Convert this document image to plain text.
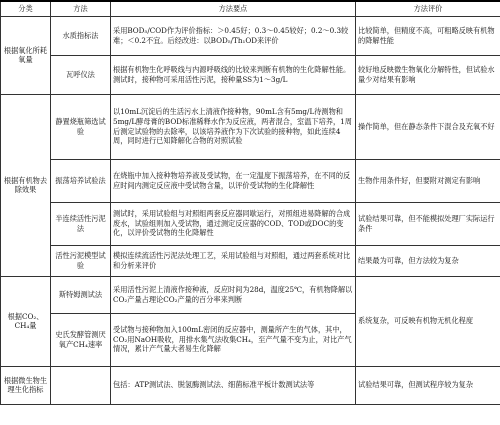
分类	方法	方法要点	方法评价
根据氧化所耗氧量	水质指标法	采用BOD₅/COD作为评价指标：＞0.45好；0.3～0.45较好；0.2～0.3较难；＜0.2不宜。后经改进：以BOD₅/Th₁OD来评价	比较简单，但精度不高，可粗略反映有机物的降解性能
	瓦呼仪法	根据有机物生化呼吸线与内源呼吸线的比较来判断有机物的生化降解性能。测试时，接种物可采用活性污泥，接种量SS为1～3g/L	较好地反映微生物氧化分解特性，但试验水量少对结果有影响
根据有机物去除效果	静置烧瓶筛选试验	以10mL沉淀后的生活污水上清液作接种物，90mL含有5mg/L待测物和5mg/L酵母膏的BOD标准稀释水作为反应液，两者混合，室温下培养，1周后测定试验物的去除率，以该培养液作为下次试验的接种物，如此连续4周，同时进行已知降解化合物的对照试验	操作简单，但在静态条件下混合及充氧不好
	振荡培养试验法	在烧瓶中加入接种物培养液及受试物，在一定温度下振荡培养，在不同的反应时间内测定反应液中受试物含量，以评价受试物的生化降解性	生物作用条件好，但要附对测定有影响
	半连续活性污泥法	测试时，采用试验组与对照组两套反应器同歇运行，对照组进易降解的合成废水，试验组则加入受试物，通过测定反应器的COD、TOD或DOC的变化，以评价受试物的生化降解性	试验结果可靠，但不能模拟处理厂实际运行条件
	活性污泥模型试验	模拟连续流活性污泥法处理工艺，采用试验组与对照组，通过两套系统对比和分析来评价	结果最为可靠，但方法较为复杂
根据CO₂、CH₄量	斯特姆测试法	采用活性污泥上清液作接种液，反应时间为28d，温度25℃，有机物降解以CO₂产量占理论CO₂产量的百分率来判断	系统复杂，可反映有机物无机化程度
	史氏发酵管测厌氧产CH₄速率	受试物与接种物加入100mL密闭的反应器中，测量所产生的气体，其中，CO₂用NaOH吸收，用排水集气法收集CH₄，至产气量不变为止，对比产气情况，累计产气量大者易生化降解	
根据微生物生理生化指标		包括：ATP测试法、脱氢酶测试法、细菌标准平板计数测试法等	试验结果可靠，但测试程序较为复杂
